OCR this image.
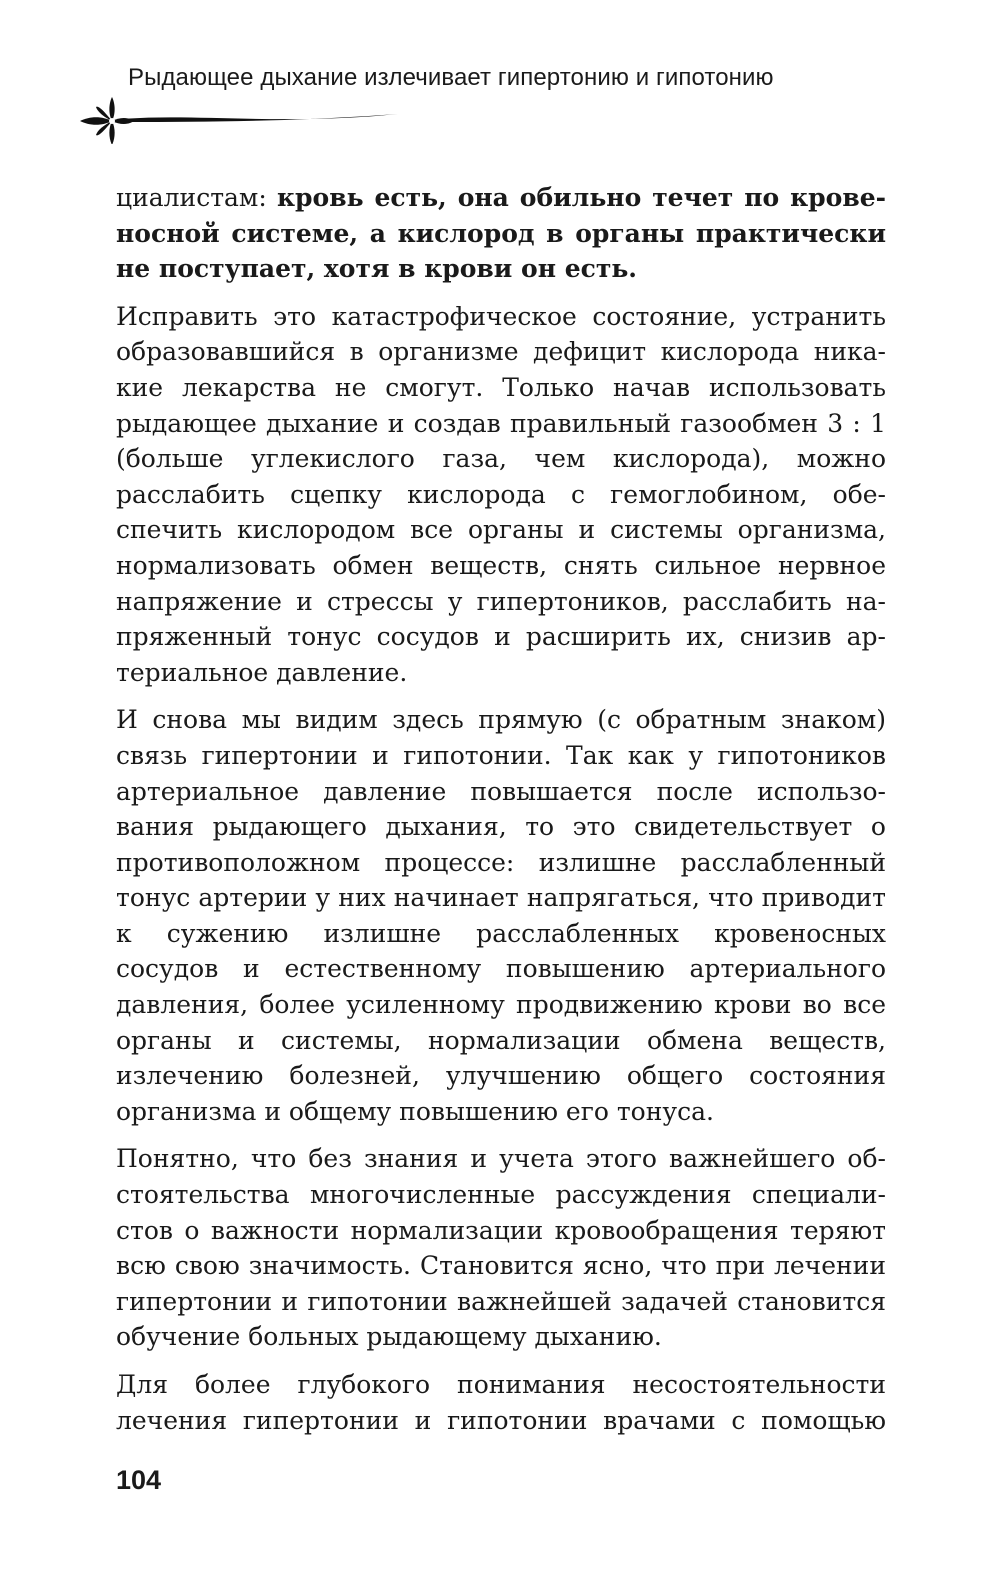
Рыдающее дыхание излечивает гипертонию и гипотонию

циалистам: кровь есть, она обильно течет по кровеносной системе, а кислород в органы практически не поступает, хотя в крови он есть.

Исправить это катастрофическое состояние, устранить образовавшийся в организме дефицит кислорода никакие лекарства не смогут. Только начав использовать рыдающее дыхание и создав правильный газообмен 3 : 1 (больше углекислого газа, чем кислорода), можно расслабить сцепку кислорода с гемоглобином, обеспечить кислородом все органы и системы организма, нормализовать обмен веществ, снять сильное нервное напряжение и стрессы у гипертоников, расслабить напряженный тонус сосудов и расширить их, снизив артериальное давление.

И снова мы видим здесь прямую (с обратным знаком) связь гипертонии и гипотонии. Так как у гипотоников артериальное давление повышается после использования рыдающего дыхания, то это свидетельствует о противоположном процессе: излишне расслабленный тонус артерии у них начинает напрягаться, что приводит к сужению излишне расслабленных кровеносных сосудов и естественному повышению артериального давления, более усиленному продвижению крови во все органы и системы, нормализации обмена веществ, излечению болезней, улучшению общего состояния организма и общему повышению его тонуса.

Понятно, что без знания и учета этого важнейшего обстоятельства многочисленные рассуждения специалистов о важности нормализации кровообращения теряют всю свою значимость. Становится ясно, что при лечении гипертонии и гипотонии важнейшей задачей становится обучение больных рыдающему дыханию.

Для более глубокого понимания несостоятельности лечения гипертонии и гипотонии врачами с помощью

104
